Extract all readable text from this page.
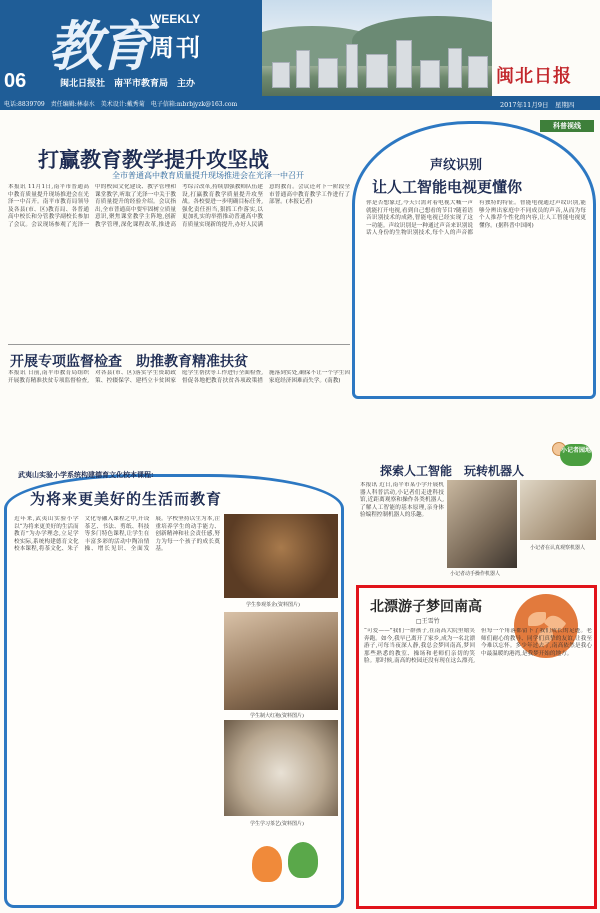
教育 WEEKLY
周刊
06	闽北日报社　南平市教育局　主办	闽北日报
电话:8839709 责任编辑:林泰水 美术设计:戴秀菊 电子信箱:mbrbjyzk@163.com	2017年11月9日　星期四
打赢教育教学提升攻坚战
全市普通高中教育质量提升现场推进会在光泽一中召开
本报讯 11月1日,南平市普通高中教育质量提升现场推进会在光泽一中召开。南平市教育局领导及各县(市、区)教育局、各普通高中校长和分管教学副校长参加了会议。会议现场参观了光泽一中的校园文化建设、教学管理和课堂教学,听取了光泽一中关于教育质量提升的经验介绍。会议指出,全市普通高中要牢固树立质量意识,聚焦课堂教学主阵地,创新教学管理,深化课程改革,推进高考综合改革,持续加强教师队伍建设,打赢教育教学质量提升攻坚战。各校要进一步明确目标任务,强化责任担当,狠抓工作落实,以更加扎实的举措推动普通高中教育质量实现新的提升,办好人民满意的教育。会议还对下一阶段全市普通高中教育教学工作进行了部署。(本报记者)
科普视线
声纹识别
让人工智能电视更懂你
你是否想象过,今天只需对着电视大喊一声就能打开电视,看到自己想看的节目?随着语音识别技术的成熟,智能电视已经实现了这一功能。声纹识别是一种通过声音来识别说话人身份的生物识别技术,每个人的声音都有独特的特征。智能电视通过声纹识别,能够分辨出家庭中不同成员的声音,从而为每个人推荐个性化的内容,让人工智能电视更懂你。(据科普中国网)
开展专项监督检查　助推教育精准扶贫
本报讯 日前,南平市教育局组织开展教育精准扶贫专项监督检查,对各县(市、区)落实学生资助政策、控辍保学、建档立卡贫困家庭学生帮扶等工作进行全面检查,督促各地把教育扶贫各项政策措施落到实处,确保不让一个学生因家庭经济困难而失学。(南教)
小记者园地
探索人工智能　玩转机器人
本报讯 近日,南平市某小学开展机器人科普活动,小记者们走进科技馆,近距离观察和操作各类机器人,了解人工智能的基本原理,亲身体验编程控制机器人的乐趣。
小记者在认真观察机器人
小记者动手操作机器人
武夷山实验小学系统构建德育文化校本课程:
为将来更美好的生活而教育
近年来,武夷山实验小学以“为将来更美好的生活而教育”为办学理念,立足学校实际,系统构建德育文化校本课程,将茶文化、朱子文化等融入课程之中,开设茶艺、书法、剪纸、科技等多门特色课程,让学生在丰富多彩的活动中陶冶情操、增长见识、全面发展。学校坚持以生为本,注重培养学生的动手能力、创新精神和社会责任感,努力为每一个孩子的成长奠基。
学生参观茶企(资料图片)
学生制大红袍(资料图片)
学生学习茶艺(资料图片)
北漂游子梦回南高
□王雪竹
“可爱——”我们一群孩子,在南高大院里嬉笑奔跑。如今,我早已离开了家乡,成为一名北漂游子,可每当夜深人静,我总会梦回南高,梦回那些熟悉的教室、操场和老师们亲切的笑脸。那时候,南高的校园还没有现在这么漂亮,但每一个角落都留下了我们成长的足迹。老师们耐心的教导、同学们真挚的友谊,让我至今难以忘怀。多少年过去了,南高依然是我心中最温暖的港湾,是我梦开始的地方。
